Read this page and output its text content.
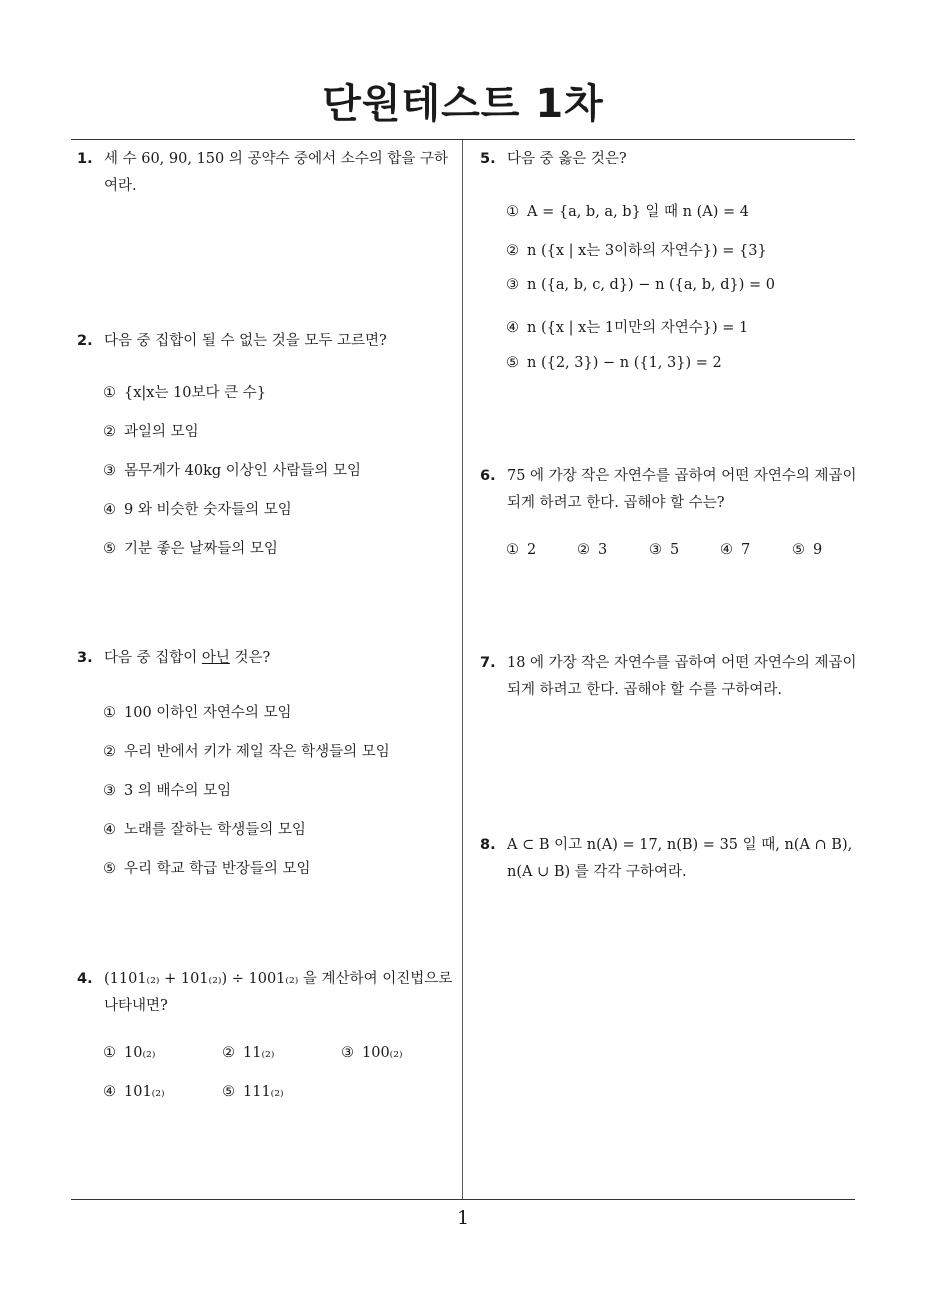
단원테스트 1차
1. 세 수 60, 90, 150 의 공약수 중에서 소수의 합을 구하여라.
2. 다음 중 집합이 될 수 없는 것을 모두 고르면?
① {x|x는 10보다 큰 수}
② 과일의 모임
③ 몸무게가 40kg 이상인 사람들의 모임
④ 9 와 비슷한 숫자들의 모임
⑤ 기분 좋은 날짜들의 모임
3. 다음 중 집합이 아닌 것은?
① 100 이하인 자연수의 모임
② 우리 반에서 키가 제일 작은 학생들의 모임
③ 3 의 배수의 모임
④ 노래를 잘하는 학생들의 모임
⑤ 우리 학교 학급 반장들의 모임
4. (1101₍₂₎ + 101₍₂₎) ÷ 1001₍₂₎ 을 계산하여 이진법으로 나타내면?
① 10₍₂₎	② 11₍₂₎	③ 100₍₂₎
④ 101₍₂₎	⑤ 111₍₂₎
5. 다음 중 옳은 것은?
① A = {a, b, a, b} 일 때 n (A) = 4
② n ({x | x는 3이하의 자연수}) = {3}
③ n ({a, b, c, d}) − n ({a, b, d}) = 0
④ n ({x | x는 1미만의 자연수}) = 1
⑤ n ({2, 3}) − n ({1, 3}) = 2
6. 75 에 가장 작은 자연수를 곱하여 어떤 자연수의 제곱이 되게 하려고 한다. 곱해야 할 수는?
① 2	② 3	③ 5	④ 7	⑤ 9
7. 18 에 가장 작은 자연수를 곱하여 어떤 자연수의 제곱이 되게 하려고 한다. 곱해야 할 수를 구하여라.
8. A ⊂ B 이고 n(A) = 17, n(B) = 35 일 때, n(A ∩ B), n(A ∪ B) 를 각각 구하여라.
1
